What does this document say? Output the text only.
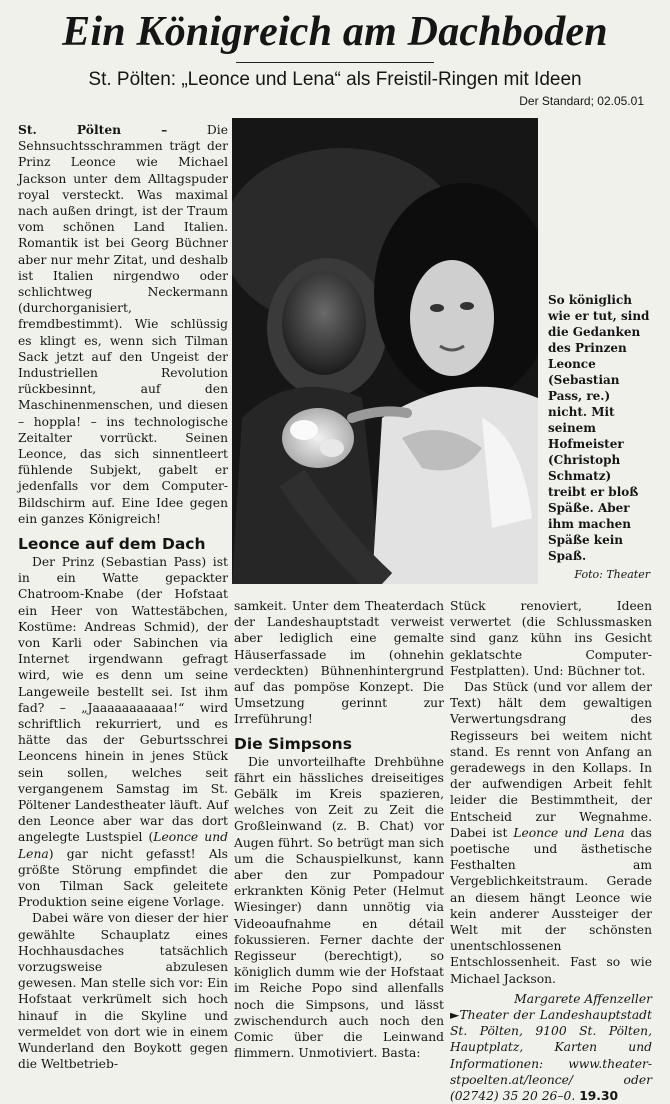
Ein Königreich am Dachboden
St. Pölten: „Leonce und Lena“ als Freistil-Ringen mit Ideen
Der Standard; 02.05.01

St. Pölten – Die Sehnsuchtsschrammen trägt der Prinz Leonce wie Michael Jackson unter dem Alltagspuder royal versteckt. Was maximal nach außen dringt, ist der Traum vom schönen Land Italien. Romantik ist bei Georg Büchner aber nur mehr Zitat, und deshalb ist Italien nirgendwo oder schlichtweg Neckermann (durchorganisiert, fremdbestimmt). Wie schlüssig es klingt es, wenn sich Tilman Sack jetzt auf den Ungeist der Industriellen Revolution rückbesinnt, auf den Maschinenmenschen, und diesen – hoppla! – ins technologische Zeitalter vorrückt. Seinen Leonce, das sich sinnentleert fühlende Subjekt, gabelt er jedenfalls vor dem Computer-Bildschirm auf. Eine Idee gegen ein ganzes Königreich!

So königlich wie er tut, sind die Gedanken des Prinzen Leonce (Sebastian Pass, re.) nicht. Mit seinem Hofmeister (Christoph Schmatz) treibt er bloß Späße. Aber ihm machen Späße kein Spaß.
Foto: Theater
Leonce auf dem Dach

Der Prinz (Sebastian Pass) ist in ein Watte gepackter Chatroom-Knabe (der Hofstaat ein Heer von Wattestäbchen, Kostüme: Andreas Schmid), der von Karli oder Sabinchen via Internet irgendwann gefragt wird, wie es denn um seine Langeweile bestellt sei. Ist ihm fad? – „Jaaaaaaaaaaa!“ wird schriftlich rekurriert, und es hätte das der Geburtsschrei Leoncens hinein in jenes Stück sein sollen, welches seit vergangenem Samstag im St. Pöltener Landestheater läuft. Auf den Leonce aber war das dort angelegte Lustspiel (Leonce und Lena) gar nicht gefasst! Als größte Störung empfindet die von Tilman Sack geleitete Produktion seine eigene Vorlage.

Dabei wäre von dieser der hier gewählte Schauplatz eines Hochhausdaches tatsächlich vorzugsweise abzulesen gewesen. Man stelle sich vor: Ein Hofstaat verkrümelt sich hoch hinauf in die Skyline und vermeldet von dort wie in einem Wunderland den Boykott gegen die Weltbetrieb-

samkeit. Unter dem Theaterdach der Landeshauptstadt verweist aber lediglich eine gemalte Häuserfassade im (ohnehin verdeckten) Bühnenhintergrund auf das pompöse Konzept. Die Umsetzung gerinnt zur Irreführung!

Die Simpsons

Die unvorteilhafte Drehbühne fährt ein hässliches dreiseitiges Gebälk im Kreis spazieren, welches von Zeit zu Zeit die Großleinwand (z. B. Chat) vor Augen führt. So betrügt man sich um die Schauspielkunst, kann aber den zur Pompadour erkrankten König Peter (Helmut Wiesinger) dann unnötig via Videoaufnahme en détail fokussieren. Ferner dachte der Regisseur (berechtigt), so königlich dumm wie der Hofstaat im Reiche Popo sind allenfalls noch die Simpsons, und lässt zwischendurch auch noch den Comic über die Leinwand flimmern. Unmotiviert. Basta:

Stück renoviert, Ideen verwertet (die Schlussmasken sind ganz kühn ins Gesicht geklatschte Computer-Festplatten). Und: Büchner tot.

Das Stück (und vor allem der Text) hält dem gewaltigen Verwertungsdrang des Regisseurs bei weitem nicht stand. Es rennt von Anfang an geradewegs in den Kollaps. In der aufwendigen Arbeit fehlt leider die Bestimmtheit, der Entscheid zur Wegnahme. Dabei ist Leonce und Lena das poetische und ästhetische Festhalten am Vergeblichkeitstraum. Gerade an diesem hängt Leonce wie kein anderer Aussteiger der Welt mit der schönsten unentschlossenen Entschlossenheit. Fast so wie Michael Jackson.

Margarete Affenzeller

►Theater der Landeshauptstadt St. Pölten, 9100 St. Pölten, Hauptplatz, Karten und Informationen: www.theater-stpoelten.at/leonce/ oder (02742) 35 20 26–0. 19.30
